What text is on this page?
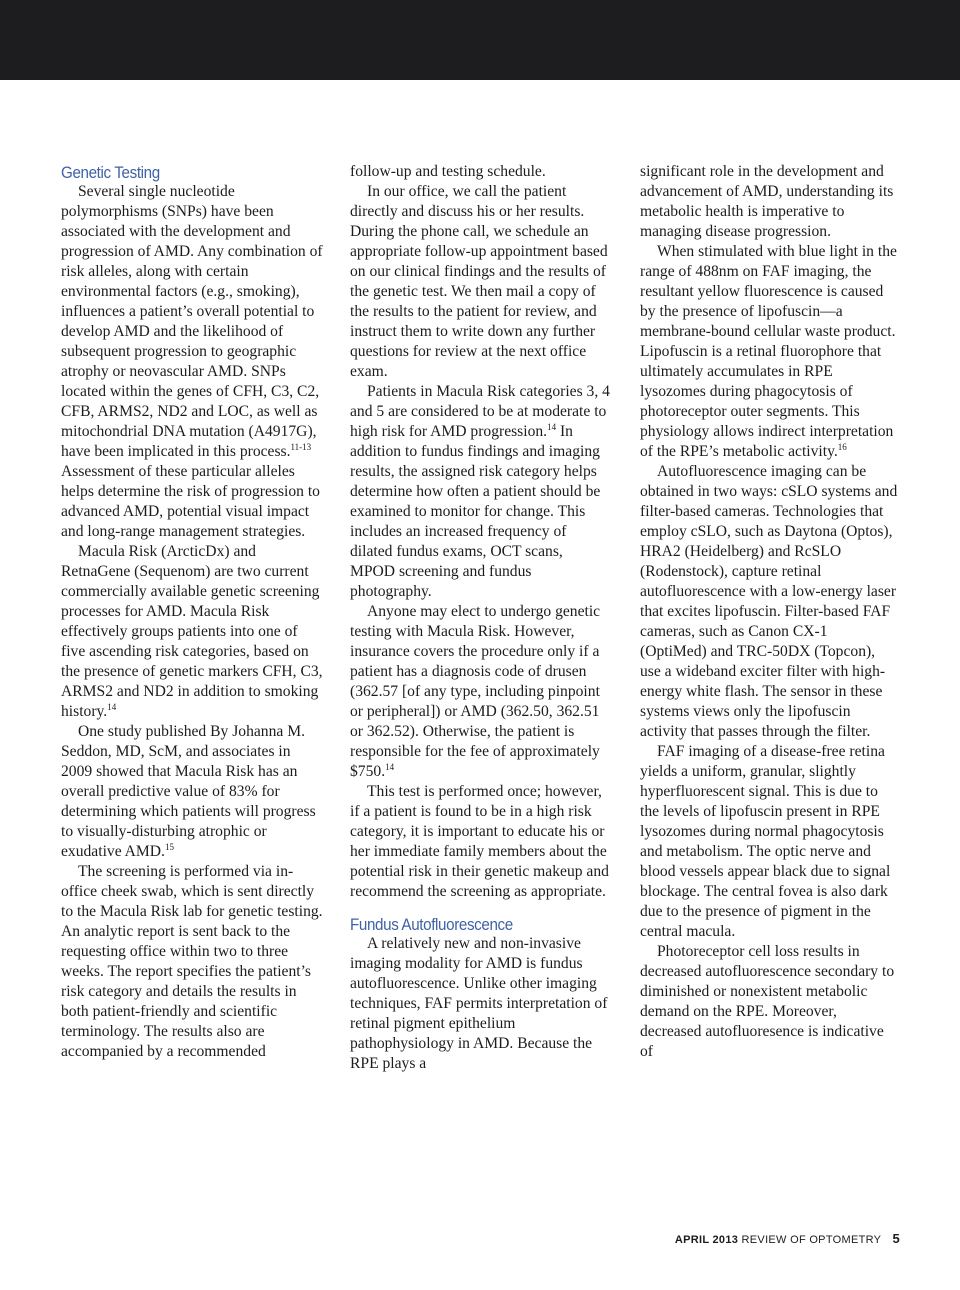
Genetic Testing

Several single nucleotide polymorphisms (SNPs) have been associated with the development and progression of AMD. Any combination of risk alleles, along with certain environmental factors (e.g., smoking), influences a patient’s overall potential to develop AMD and the likelihood of subsequent progression to geographic atrophy or neovascular AMD. SNPs located within the genes of CFH, C3, C2, CFB, ARMS2, ND2 and LOC, as well as mitochondrial DNA mutation (A4917G), have been implicated in this process.$^{11-13}$ Assessment of these particular alleles helps determine the risk of progression to advanced AMD, potential visual impact and long-range management strategies.

Macula Risk (ArcticDx) and RetnaGene (Sequenom) are two current commercially available genetic screening processes for AMD. Macula Risk effectively groups patients into one of five ascending risk categories, based on the presence of genetic markers CFH, C3, ARMS2 and ND2 in addition to smoking history.$^{14}$

One study published By Johanna M. Seddon, MD, ScM, and associates in 2009 showed that Macula Risk has an overall predictive value of 83% for determining which patients will progress to visually-disturbing atrophic or exudative AMD.$^{15}$

The screening is performed via in-office cheek swab, which is sent directly to the Macula Risk lab for genetic testing. An analytic report is sent back to the requesting office within two to three weeks. The report specifies the patient’s risk category and details the results in both patient-friendly and scientific terminology. The results also are accompanied by a recommended

follow-up and testing schedule.

In our office, we call the patient directly and discuss his or her results. During the phone call, we schedule an appropriate follow-up appointment based on our clinical findings and the results of the genetic test. We then mail a copy of the results to the patient for review, and instruct them to write down any further questions for review at the next office exam.

Patients in Macula Risk categories 3, 4 and 5 are considered to be at moderate to high risk for AMD progression.$^{14}$ In addition to fundus findings and imaging results, the assigned risk category helps determine how often a patient should be examined to monitor for change. This includes an increased frequency of dilated fundus exams, OCT scans, MPOD screening and fundus photography.

Anyone may elect to undergo genetic testing with Macula Risk. However, insurance covers the procedure only if a patient has a diagnosis code of drusen (362.57 [of any type, including pinpoint or peripheral]) or AMD (362.50, 362.51 or 362.52). Otherwise, the patient is responsible for the fee of approximately $750.14

This test is performed once; however, if a patient is found to be in a high risk category, it is important to educate his or her immediate family members about the potential risk in their genetic makeup and recommend the screening as appropriate.

Fundus Autofluorescence

A relatively new and non-invasive imaging modality for AMD is fundus autofluorescence. Unlike other imaging techniques, FAF permits interpretation of retinal pigment epithelium pathophysiology in AMD. Because the RPE plays a

significant role in the development and advancement of AMD, understanding its metabolic health is imperative to managing disease progression.

When stimulated with blue light in the range of 488nm on FAF imaging, the resultant yellow fluorescence is caused by the presence of lipofuscin—a membrane-bound cellular waste product. Lipofuscin is a retinal fluorophore that ultimately accumulates in RPE lysozomes during phagocytosis of photoreceptor outer segments. This physiology allows indirect interpretation of the RPE’s metabolic activity.$^{16}$

Autofluorescence imaging can be obtained in two ways: cSLO systems and filter-based cameras. Technologies that employ cSLO, such as Daytona (Optos), HRA2 (Heidelberg) and RcSLO (Rodenstock), capture retinal autofluorescence with a low-energy laser that excites lipofuscin. Filter-based FAF cameras, such as Canon CX-1 (OptiMed) and TRC-50DX (Topcon), use a wideband exciter filter with high-energy white flash. The sensor in these systems views only the lipofuscin activity that passes through the filter.

FAF imaging of a disease-free retina yields a uniform, granular, slightly hyperfluorescent signal. This is due to the levels of lipofuscin present in RPE lysozomes during normal phagocytosis and metabolism. The optic nerve and blood vessels appear black due to signal blockage. The central fovea is also dark due to the presence of pigment in the central macula.

Photoreceptor cell loss results in decreased autofluorescence secondary to diminished or nonexistent metabolic demand on the RPE. Moreover, decreased autofluoresence is indicative of

APRIL 2013 REVIEW OF OPTOMETRY 5
